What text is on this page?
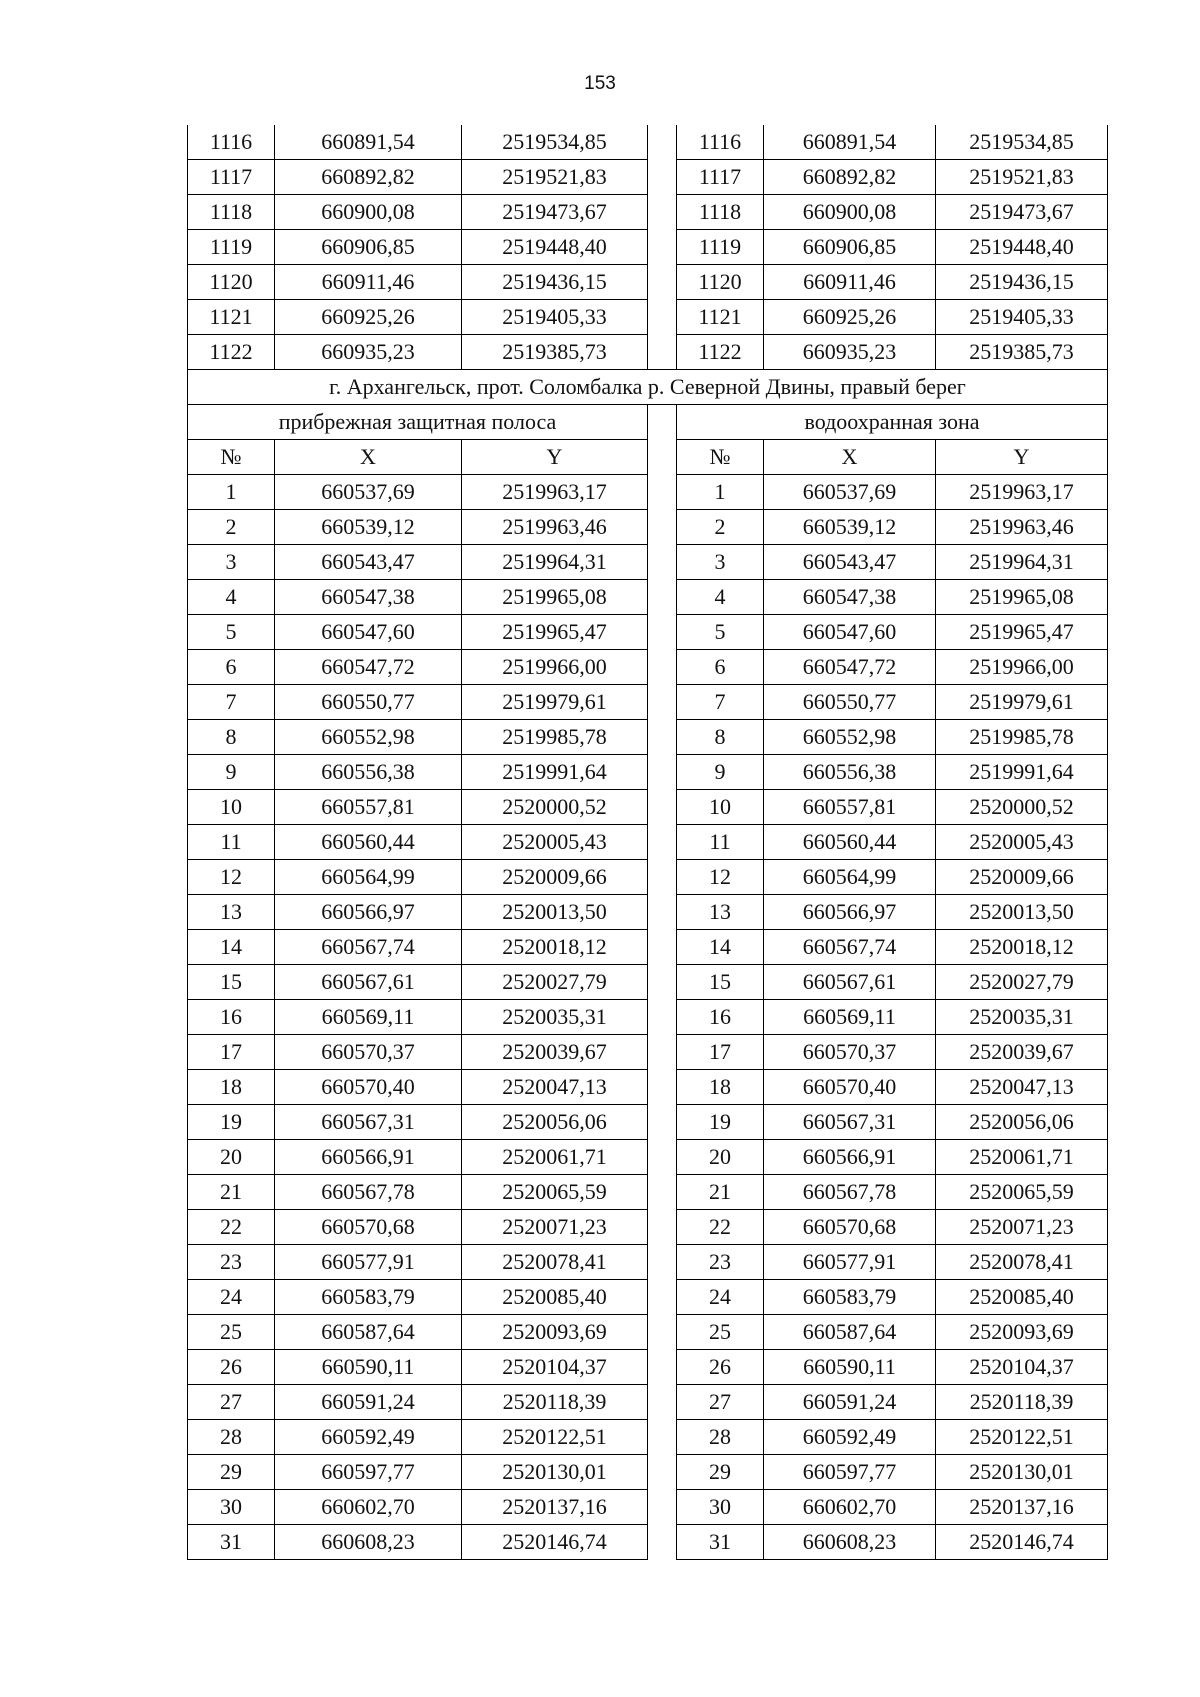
153
1116	660891,54	2519534,85		1116	660891,54	2519534,85
1117	660892,82	2519521,83		1117	660892,82	2519521,83
1118	660900,08	2519473,67		1118	660900,08	2519473,67
1119	660906,85	2519448,40		1119	660906,85	2519448,40
1120	660911,46	2519436,15		1120	660911,46	2519436,15
1121	660925,26	2519405,33		1121	660925,26	2519405,33
1122	660935,23	2519385,73		1122	660935,23	2519385,73
г. Архангельск, прот. Соломбалка р. Северной Двины, правый берег						
прибрежная защитная полоса				водоохранная зона		
№	X	Y		№	X	Y
1	660537,69	2519963,17		1	660537,69	2519963,17
2	660539,12	2519963,46		2	660539,12	2519963,46
3	660543,47	2519964,31		3	660543,47	2519964,31
4	660547,38	2519965,08		4	660547,38	2519965,08
5	660547,60	2519965,47		5	660547,60	2519965,47
6	660547,72	2519966,00		6	660547,72	2519966,00
7	660550,77	2519979,61		7	660550,77	2519979,61
8	660552,98	2519985,78		8	660552,98	2519985,78
9	660556,38	2519991,64		9	660556,38	2519991,64
10	660557,81	2520000,52		10	660557,81	2520000,52
11	660560,44	2520005,43		11	660560,44	2520005,43
12	660564,99	2520009,66		12	660564,99	2520009,66
13	660566,97	2520013,50		13	660566,97	2520013,50
14	660567,74	2520018,12		14	660567,74	2520018,12
15	660567,61	2520027,79		15	660567,61	2520027,79
16	660569,11	2520035,31		16	660569,11	2520035,31
17	660570,37	2520039,67		17	660570,37	2520039,67
18	660570,40	2520047,13		18	660570,40	2520047,13
19	660567,31	2520056,06		19	660567,31	2520056,06
20	660566,91	2520061,71		20	660566,91	2520061,71
21	660567,78	2520065,59		21	660567,78	2520065,59
22	660570,68	2520071,23		22	660570,68	2520071,23
23	660577,91	2520078,41		23	660577,91	2520078,41
24	660583,79	2520085,40		24	660583,79	2520085,40
25	660587,64	2520093,69		25	660587,64	2520093,69
26	660590,11	2520104,37		26	660590,11	2520104,37
27	660591,24	2520118,39		27	660591,24	2520118,39
28	660592,49	2520122,51		28	660592,49	2520122,51
29	660597,77	2520130,01		29	660597,77	2520130,01
30	660602,70	2520137,16		30	660602,70	2520137,16
31	660608,23	2520146,74		31	660608,23	2520146,74
